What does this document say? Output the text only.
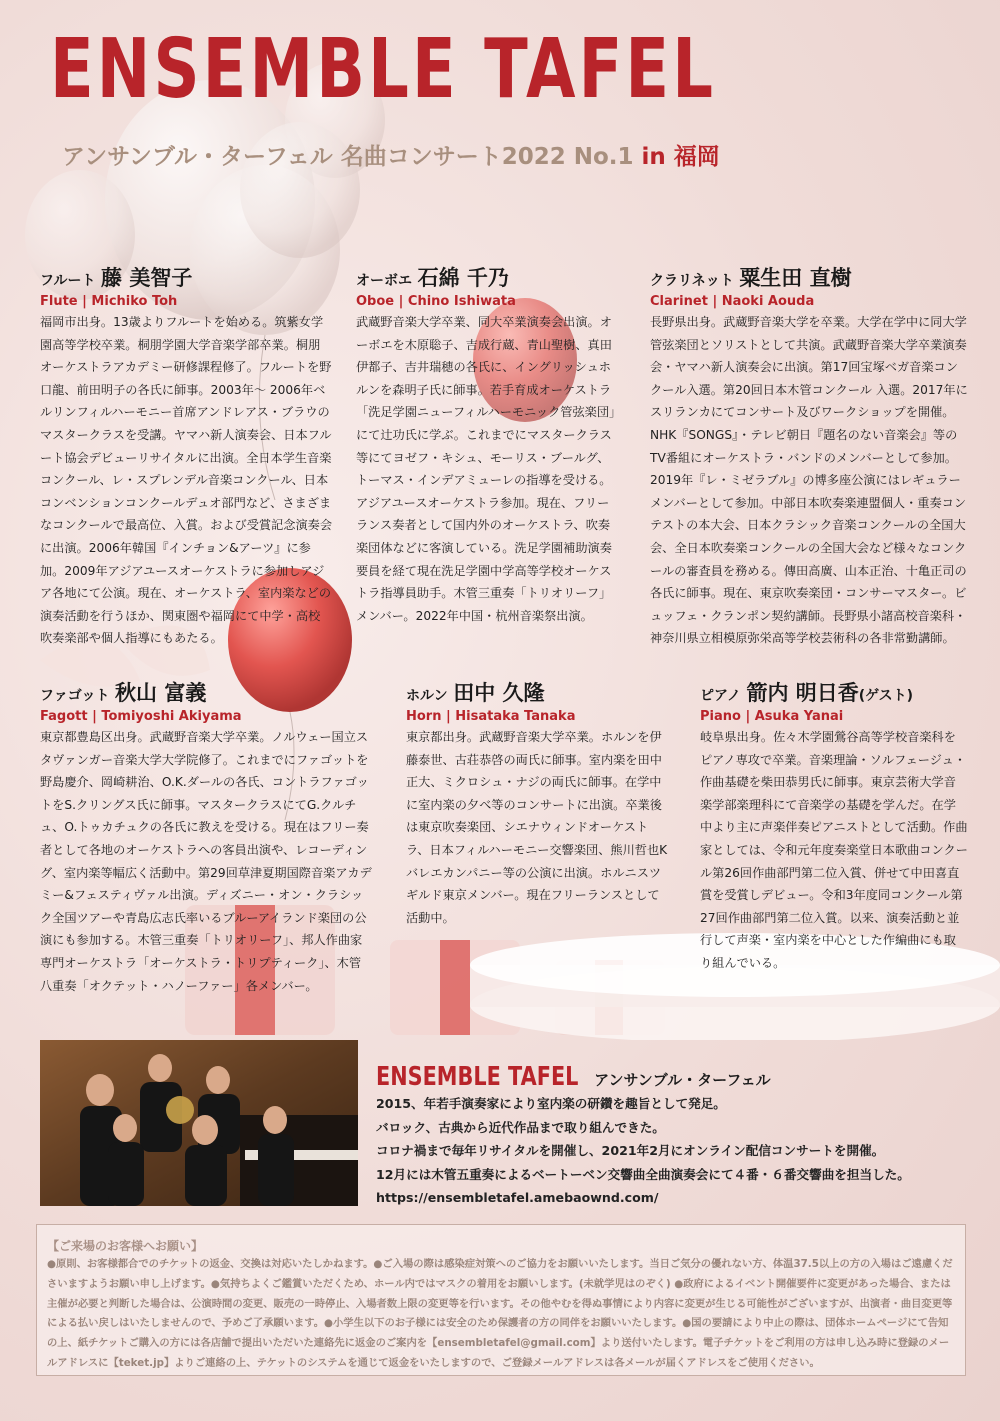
ENSEMBLE TAFEL
アンサンブル・ターフェル 名曲コンサート2022 No.1 in 福岡
フルート 藤 美智子
Flute | Michiko Toh
福岡市出身。13歳よりフルートを始める。筑紫女学園高等学校卒業。桐朋学園大学音楽学部卒業。桐朋オーケストラアカデミー研修課程修了。フルートを野口龍、前田明子の各氏に師事。2003年～ 2006年ベルリンフィルハーモニー首席アンドレアス・ブラウのマスタークラスを受講。ヤマハ新人演奏会、日本フルート協会デビューリサイタルに出演。全日本学生音楽コンクール、レ・スプレンデル音楽コンクール、日本コンベンションコンクールデュオ部門など、さまざまなコンクールで最高位、入賞。および受賞記念演奏会に出演。2006年韓国『インチョン&アーツ』に参加。2009年アジアユースオーケストラに参加しアジア各地にて公演。現在、オーケストラ、室内楽などの演奏活動を行うほか、関東圏や福岡にて中学・高校吹奏楽部や個人指導にもあたる。
オーボエ 石綿 千乃
Oboe | Chino Ishiwata
武蔵野音楽大学卒業、同大卒業演奏会出演。オーボエを木原聡子、吉成行蔵、青山聖樹、真田伊都子、吉井瑞穂の各氏に、イングリッシュホルンを森明子氏に師事。若手育成オーケストラ「洗足学園ニューフィルハーモニック管弦楽団」にて辻功氏に学ぶ。これまでにマスタークラス等にてヨゼフ・キシュ、モーリス・ブールグ、トーマス・インデアミューレの指導を受ける。アジアユースオーケストラ参加。現在、フリーランス奏者として国内外のオーケストラ、吹奏楽団体などに客演している。洗足学園補助演奏要員を経て現在洗足学園中学高等学校オーケストラ指導員助手。木管三重奏「トリオリーフ」メンバー。2022年中国・杭州音楽祭出演。
クラリネット 粟生田 直樹
Clarinet | Naoki Aouda
長野県出身。武蔵野音楽大学を卒業。大学在学中に同大学管弦楽団とソリストとして共演。武蔵野音楽大学卒業演奏会・ヤマハ新人演奏会に出演。第17回宝塚ベガ音楽コンクール入選。第20回日本木管コンクール 入選。2017年にスリランカにてコンサート及びワークショップを開催。NHK『SONGS』・テレビ朝日『題名のない音楽会』等のTV番組にオーケストラ・バンドのメンバーとして参加。2019年『レ・ミゼラブル』の博多座公演にはレギュラーメンバーとして参加。中部日本吹奏楽連盟個人・重奏コンテストの本大会、日本クラシック音楽コンクールの全国大会、全日本吹奏楽コンクールの全国大会など様々なコンクールの審査員を務める。傳田高廣、山本正治、十亀正司の各氏に師事。現在、東京吹奏楽団・コンサーマスター。ビュッフェ・クランポン契約講師。長野県小諸高校音楽科・神奈川県立相模原弥栄高等学校芸術科の各非常勤講師。
ファゴット 秋山 富義
Fagott | Tomiyoshi Akiyama
東京都豊島区出身。武蔵野音楽大学卒業。ノルウェー国立スタヴァンガー音楽大学大学院修了。これまでにファゴットを野島慶介、岡崎耕治、O.K.ダールの各氏、コントラファゴットをS.クリングス氏に師事。マスタークラスにてG.クルチュ、O.トゥカチュクの各氏に教えを受ける。現在はフリー奏者として各地のオーケストラへの客員出演や、レコーディング、室内楽等幅広く活動中。第29回草津夏期国際音楽アカデミー&フェスティヴァル出演。ディズニー・オン・クラシック全国ツアーや青島広志氏率いるブルーアイランド楽団の公演にも参加する。木管三重奏「トリオリーフ」、邦人作曲家専門オーケストラ「オーケストラ・トリプティーク」、木管八重奏「オクテット・ハノーファー」各メンバー。
ホルン 田中 久隆
Horn | Hisataka Tanaka
東京都出身。武蔵野音楽大学卒業。ホルンを伊藤泰世、古荘恭啓の両氏に師事。室内楽を田中正大、ミクロシュ・ナジの両氏に師事。在学中に室内楽の夕べ等のコンサートに出演。卒業後は東京吹奏楽団、シエナウィンドオーケストラ、日本フィルハーモニー交響楽団、熊川哲也Kバレエカンパニー等の公演に出演。ホルニスツギルド東京メンバー。現在フリーランスとして活動中。
ピアノ 箭内 明日香(ゲスト)
Piano | Asuka Yanai
岐阜県出身。佐々木学園鶯谷高等学校音楽科をピアノ専攻で卒業。音楽理論・ソルフェージュ・作曲基礎を柴田恭男氏に師事。東京芸術大学音楽学部楽理科にて音楽学の基礎を学んだ。在学中より主に声楽伴奏ピアニストとして活動。作曲家としては、令和元年度奏楽堂日本歌曲コンクール第26回作曲部門第二位入賞、併せて中田喜直賞を受賞しデビュー。令和3年度同コンクール第27回作曲部門第二位入賞。以来、演奏活動と並行して声楽・室内楽を中心とした作編曲にも取り組んでいる。
ENSEMBLE TAFEL アンサンブル・ターフェル
2015、年若手演奏家により室内楽の研鑽を趣旨として発足。
バロック、古典から近代作品まで取り組んできた。
コロナ禍まで毎年リサイタルを開催し、2021年2月にオンライン配信コンサートを開催。
12月には木管五重奏によるベートーベン交響曲全曲演奏会にて４番・６番交響曲を担当した。
https://ensembletafel.amebaownd.com/
【ご来場のお客様へお願い】
●原則、お客様都合でのチケットの返金、交換は対応いたしかねます。●ご入場の際は感染症対策へのご協力をお願いいたします。当日ご気分の優れない方、体温37.5以上の方の入場はご遠慮くださいますようお願い申し上げます。●気持ちよくご鑑賞いただくため、ホール内ではマスクの着用をお願いします。(未就学児はのぞく) ●政府によるイベント開催要件に変更があった場合、または主催が必要と判断した場合は、公演時間の変更、販売の一時停止、入場者数上限の変更等を行います。その他やむを得ぬ事情により内容に変更が生じる可能性がございますが、出演者・曲目変更等による払い戻しはいたしませんので、予めご了承願います。●小学生以下のお子様には安全のため保護者の方の同伴をお願いいたします。●国の要請により中止の際は、団体ホームページにて告知の上、紙チケットご購入の方には各店舗で提出いただいた連絡先に返金のご案内を【ensembletafel@gmail.com】より送付いたします。電子チケットをご利用の方は申し込み時に登録のメールアドレスに【teket.jp】よりご連絡の上、テケットのシステムを通じて返金をいたしますので、ご登録メールアドレスは各メールが届くアドレスをご使用ください。
